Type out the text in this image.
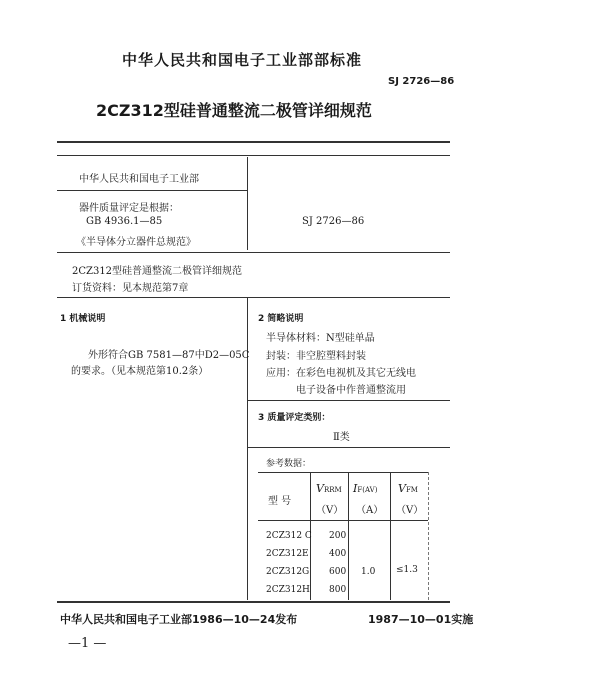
中华人民共和国电子工业部部标准
SJ 2726—86
2CZ312型硅普通整流二极管详细规范
中华人民共和国电子工业部
器件质量评定是根据：
GB 4936.1—85
《半导体分立器件总规范》
SJ 2726—86
2CZ312型硅普通整流二极管详细规范
订货资料：见本规范第7章
1 机械说明
外形符合GB 7581—87中D2—05C
的要求。（见本规范第10.2条）
2 简略说明
半导体材料：N型硅单晶
封装：非空腔塑料封装
应用：在彩色电视机及其它无线电
电子设备中作普通整流用
3 质量评定类别：
Ⅱ类
参考数据：
型 号
VRRM
（V）
IF(AV)
（A）
VFM
（V）
2CZ312 C 200
2CZ312E 400
2CZ312G 600
2CZ312H 800
1.0 ≤1.3
中华人民共和国电子工业部1986—10—24发布	1987—10—01实施
—1 —
